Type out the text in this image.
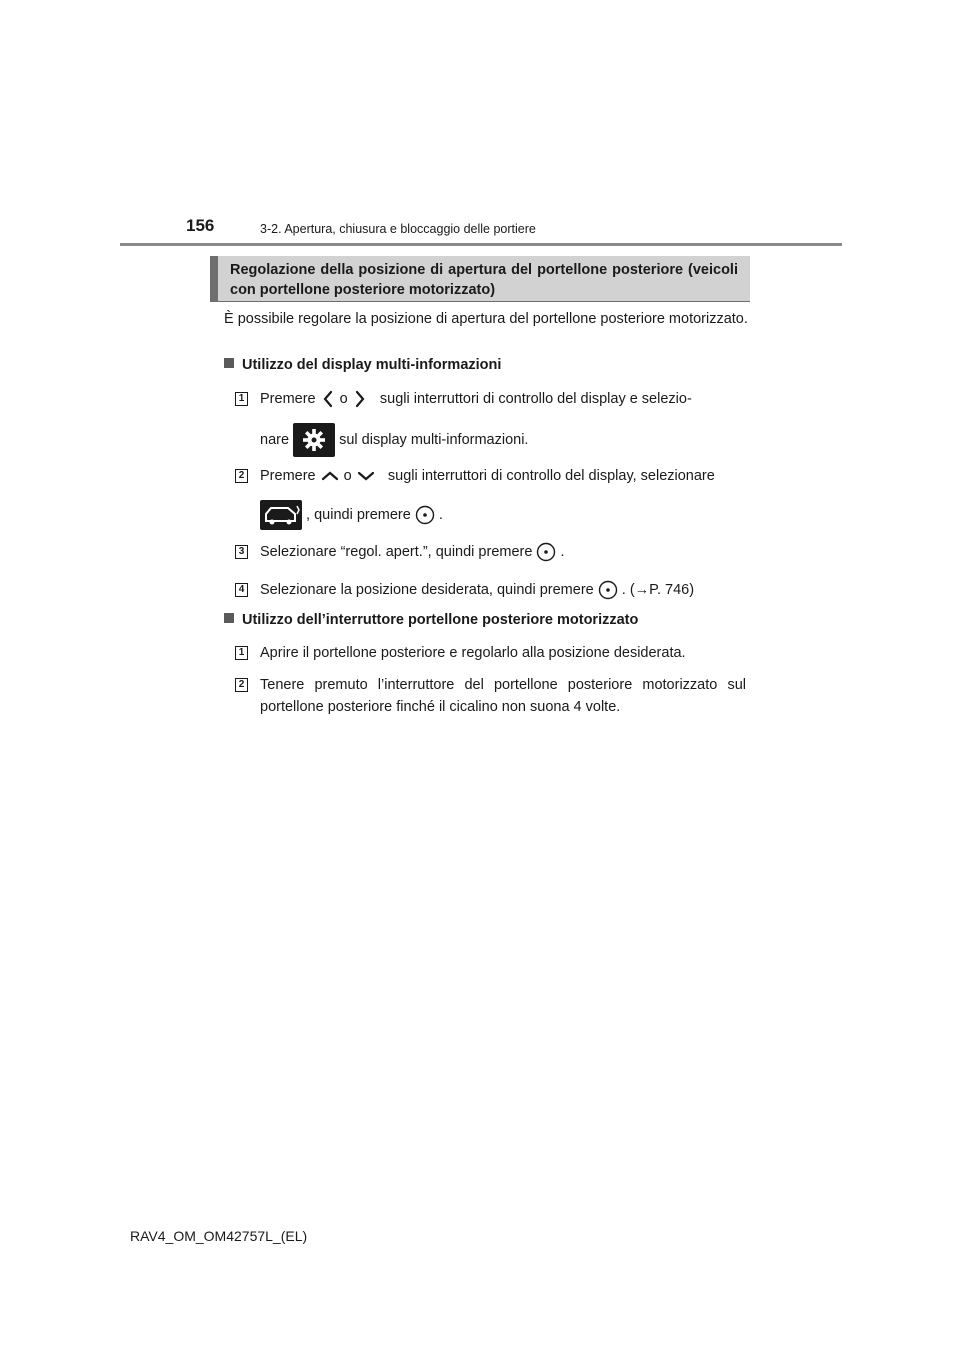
156	3-2. Apertura, chiusura e bloccaggio delle portiere
Regolazione della posizione di apertura del portellone posteriore (veicoli con portellone posteriore motorizzato)
È possibile regolare la posizione di apertura del portellone posteriore motorizzato.
Utilizzo del display multi-informazioni
1 Premere o sugli interruttori di controllo del display e selezio-
nare	sul display multi-informazioni.
2 Premere o sugli interruttori di controllo del display, selezionare
, quindi premere .
3 Selezionare “regol. apert.”, quindi premere .
4 Selezionare la posizione desiderata, quindi premere . (→P. 746)
Utilizzo dell’interruttore portellone posteriore motorizzato
1 Aprire il portellone posteriore e regolarlo alla posizione desiderata.
2 Tenere premuto l’interruttore del portellone posteriore motorizzato sul portellone posteriore finché il cicalino non suona 4 volte.
RAV4_OM_OM42757L_(EL)
